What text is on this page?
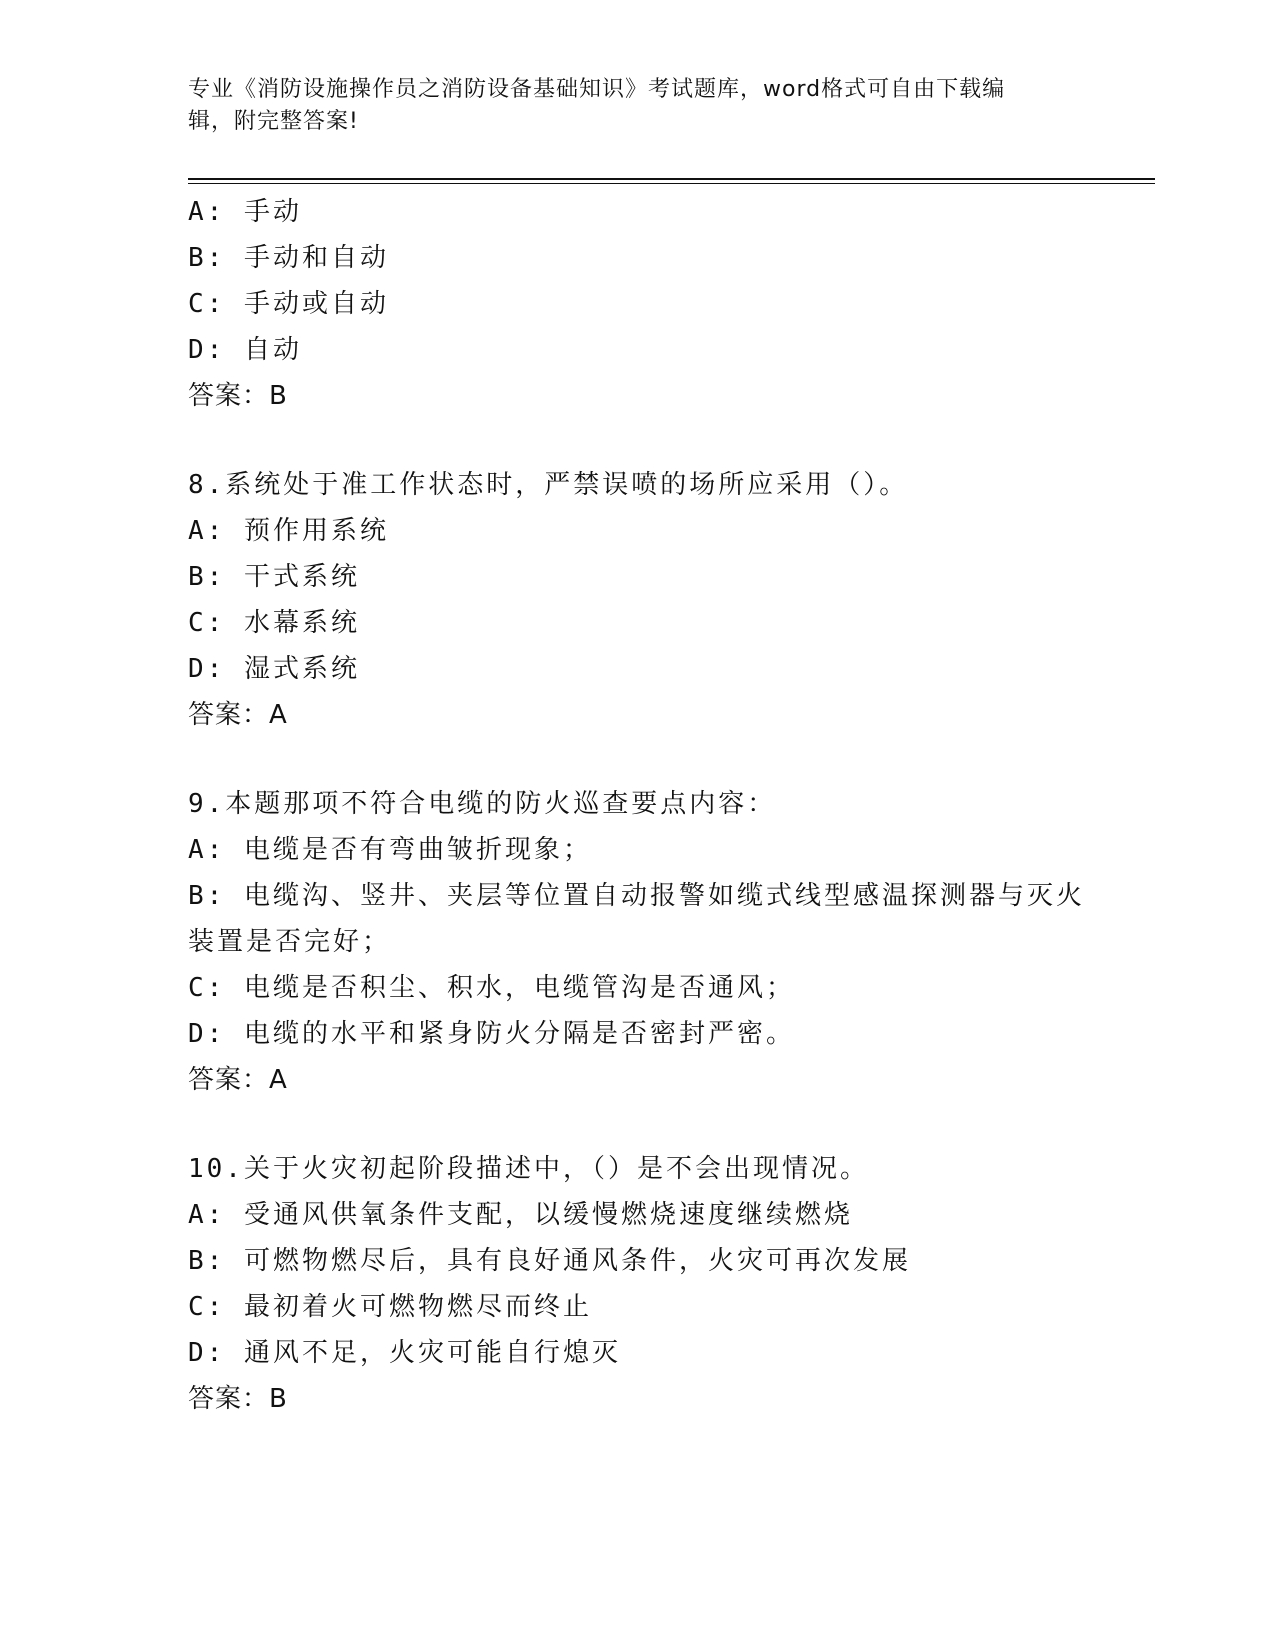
专业《消防设施操作员之消防设备基础知识》考试题库，word格式可自由下载编
辑，附完整答案!
A: 手动
B: 手动和自动
C: 手动或自动
D: 自动
答案：B
8.系统处于准工作状态时，严禁误喷的场所应采用（）。
A: 预作用系统
B: 干式系统
C: 水幕系统
D: 湿式系统
答案：A
9.本题那项不符合电缆的防火巡查要点内容：
A: 电缆是否有弯曲皱折现象；
B: 电缆沟、竖井、夹层等位置自动报警如缆式线型感温探测器与灭火
装置是否完好；
C: 电缆是否积尘、积水，电缆管沟是否通风；
D: 电缆的水平和紧身防火分隔是否密封严密。
答案：A
10.关于火灾初起阶段描述中，（）是不会出现情况。
A: 受通风供氧条件支配，以缓慢燃烧速度继续燃烧
B: 可燃物燃尽后，具有良好通风条件，火灾可再次发展
C: 最初着火可燃物燃尽而终止
D: 通风不足，火灾可能自行熄灭
答案：B
